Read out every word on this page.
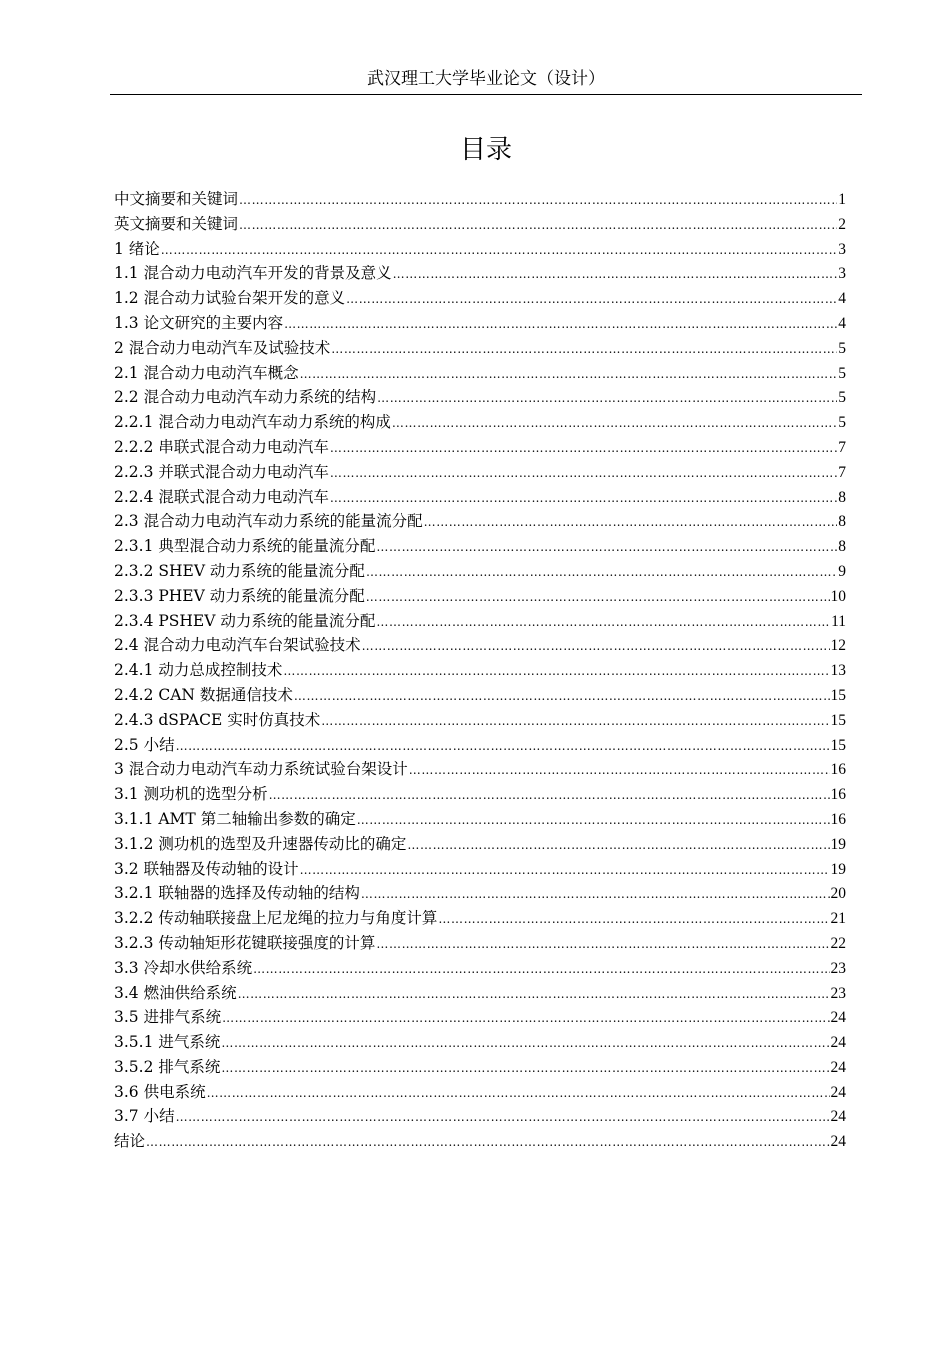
武汉理工大学毕业论文（设计）
目录
中文摘要和关键词 ……………………………………………………………………………………………………………………………………………………………………………………………………	1
英文摘要和关键词 ……………………………………………………………………………………………………………………………………………………………………………………………………	2
1 绪论 ……………………………………………………………………………………………………………………………………………………………………………………………………	3
1.1 混合动力电动汽车开发的背景及意义 ……………………………………………………………………………………………………………………………………………………………………………………………………	3
1.2 混合动力试验台架开发的意义 ……………………………………………………………………………………………………………………………………………………………………………………………………	4
1.3 论文研究的主要内容 ……………………………………………………………………………………………………………………………………………………………………………………………………	4
2 混合动力电动汽车及试验技术 ……………………………………………………………………………………………………………………………………………………………………………………………………	5
2.1 混合动力电动汽车概念 ……………………………………………………………………………………………………………………………………………………………………………………………………	5
2.2 混合动力电动汽车动力系统的结构 ……………………………………………………………………………………………………………………………………………………………………………………………………	5
2.2.1 混合动力电动汽车动力系统的构成 ……………………………………………………………………………………………………………………………………………………………………………………………………	5
2.2.2 串联式混合动力电动汽车 ……………………………………………………………………………………………………………………………………………………………………………………………………	7
2.2.3 并联式混合动力电动汽车 ……………………………………………………………………………………………………………………………………………………………………………………………………	7
2.2.4 混联式混合动力电动汽车 ……………………………………………………………………………………………………………………………………………………………………………………………………	8
2.3 混合动力电动汽车动力系统的能量流分配 ……………………………………………………………………………………………………………………………………………………………………………………………………	8
2.3.1 典型混合动力系统的能量流分配 ……………………………………………………………………………………………………………………………………………………………………………………………………	8
2.3.2 SHEV 动力系统的能量流分配 ……………………………………………………………………………………………………………………………………………………………………………………………………	9
2.3.3 PHEV 动力系统的能量流分配 ……………………………………………………………………………………………………………………………………………………………………………………………………	10
2.3.4 PSHEV 动力系统的能量流分配 ……………………………………………………………………………………………………………………………………………………………………………………………………	11
2.4 混合动力电动汽车台架试验技术 ……………………………………………………………………………………………………………………………………………………………………………………………………	12
2.4.1 动力总成控制技术 ……………………………………………………………………………………………………………………………………………………………………………………………………	13
2.4.2 CAN 数据通信技术 ……………………………………………………………………………………………………………………………………………………………………………………………………	15
2.4.3 dSPACE 实时仿真技术 ……………………………………………………………………………………………………………………………………………………………………………………………………	15
2.5 小结 ……………………………………………………………………………………………………………………………………………………………………………………………………	15
3 混合动力电动汽车动力系统试验台架设计 ……………………………………………………………………………………………………………………………………………………………………………………………………	16
3.1 测功机的选型分析 ……………………………………………………………………………………………………………………………………………………………………………………………………	16
3.1.1 AMT 第二轴输出参数的确定 ……………………………………………………………………………………………………………………………………………………………………………………………………	16
3.1.2 测功机的选型及升速器传动比的确定 ……………………………………………………………………………………………………………………………………………………………………………………………………	19
3.2 联轴器及传动轴的设计 ……………………………………………………………………………………………………………………………………………………………………………………………………	19
3.2.1 联轴器的选择及传动轴的结构 ……………………………………………………………………………………………………………………………………………………………………………………………………	20
3.2.2 传动轴联接盘上尼龙绳的拉力与角度计算 ……………………………………………………………………………………………………………………………………………………………………………………………………	21
3.2.3 传动轴矩形花键联接强度的计算 ……………………………………………………………………………………………………………………………………………………………………………………………………	22
3.3 冷却水供给系统 ……………………………………………………………………………………………………………………………………………………………………………………………………	23
3.4 燃油供给系统 ……………………………………………………………………………………………………………………………………………………………………………………………………	23
3.5 进排气系统 ……………………………………………………………………………………………………………………………………………………………………………………………………	24
3.5.1 进气系统 ……………………………………………………………………………………………………………………………………………………………………………………………………	24
3.5.2 排气系统 ……………………………………………………………………………………………………………………………………………………………………………………………………	24
3.6 供电系统 ……………………………………………………………………………………………………………………………………………………………………………………………………	24
3.7 小结 ……………………………………………………………………………………………………………………………………………………………………………………………………	24
结论 ……………………………………………………………………………………………………………………………………………………………………………………………………	24
